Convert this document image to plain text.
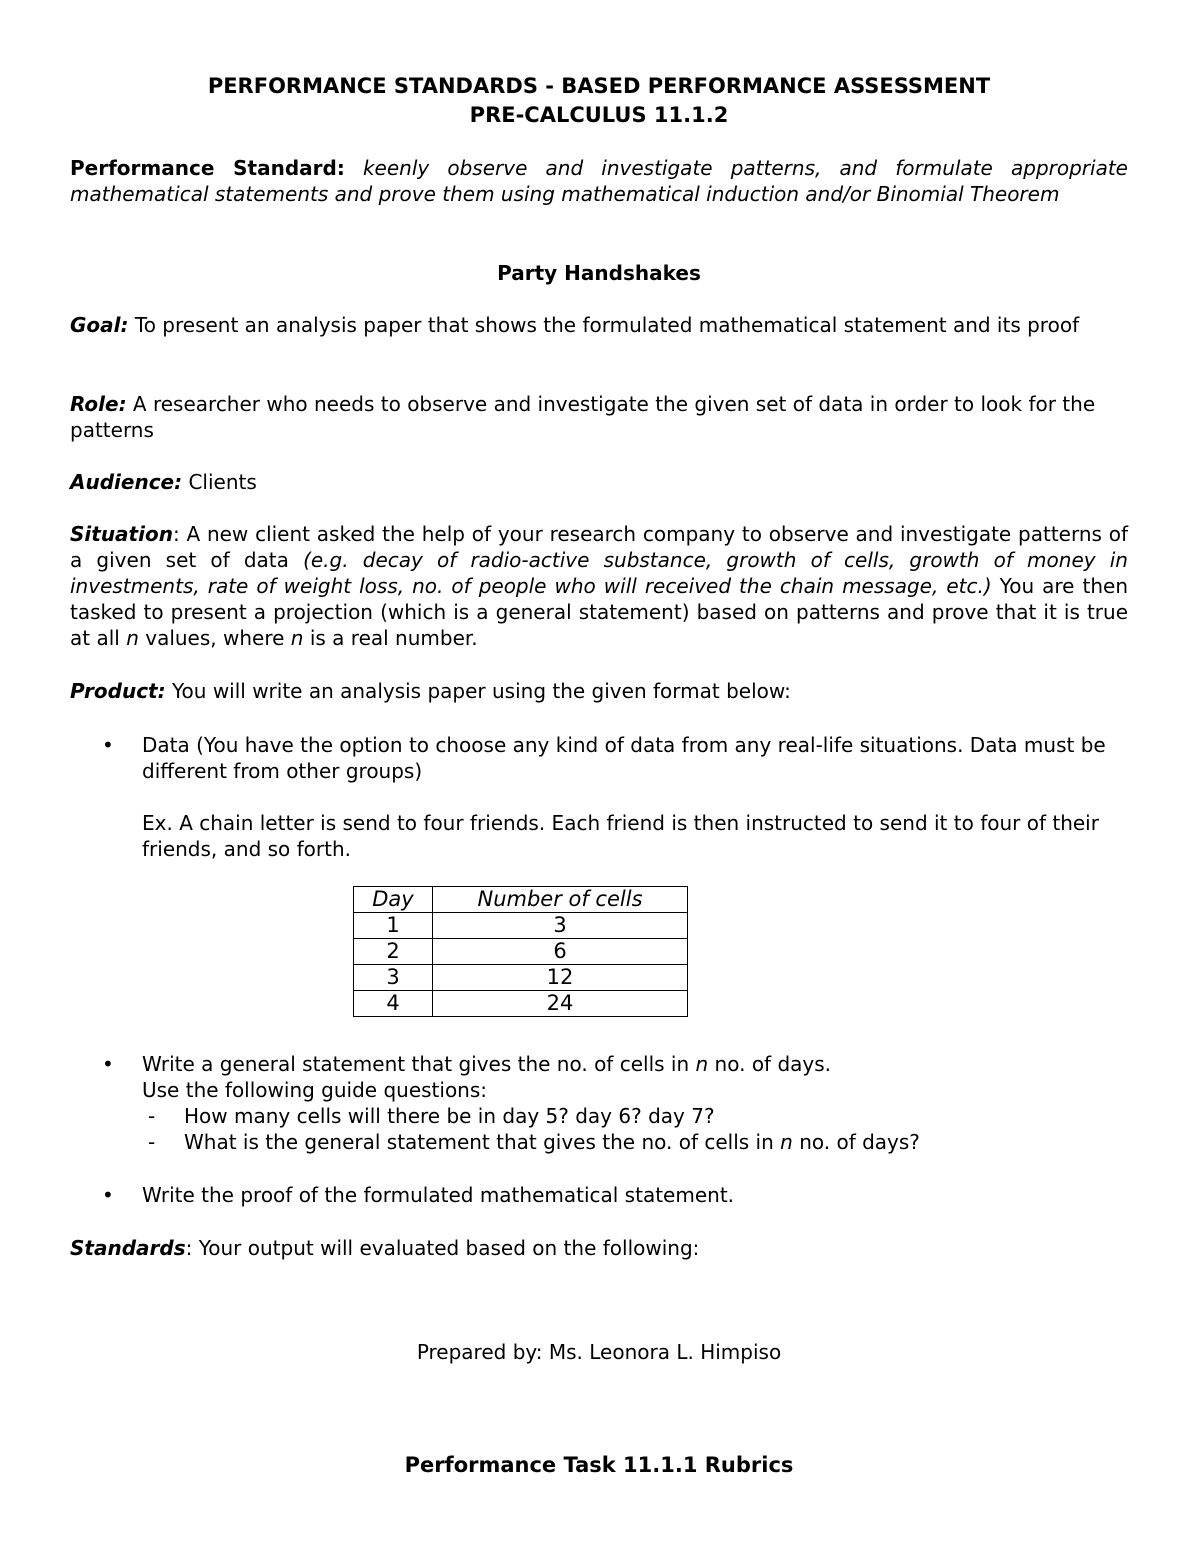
PERFORMANCE STANDARDS - BASED PERFORMANCE ASSESSMENT
PRE-CALCULUS 11.1.2
Performance Standard: keenly observe and investigate patterns, and formulate appropriate mathematical statements and prove them using mathematical induction and/or Binomial Theorem
Party Handshakes
Goal: To present an analysis paper that shows the formulated mathematical statement and its proof
Role: A researcher who needs to observe and investigate the given set of data in order to look for the patterns
Audience: Clients
Situation: A new client asked the help of your research company to observe and investigate patterns of a given set of data (e.g. decay of radio-active substance, growth of cells, growth of money in investments, rate of weight loss, no. of people who will received the chain message, etc.) You are then tasked to present a projection (which is a general statement) based on patterns and prove that it is true at all n values, where n is a real number.
Product: You will write an analysis paper using the given format below:
• Data (You have the option to choose any kind of data from any real-life situations. Data must be different from other groups)
Ex. A chain letter is send to four friends. Each friend is then instructed to send it to four of their friends, and so forth.
Day	Number of cells
1	3
2	6
3	12
4	24
• Write a general statement that gives the no. of cells in n no. of days.
Use the following guide questions:
- How many cells will there be in day 5? day 6? day 7?
- What is the general statement that gives the no. of cells in n no. of days?
• Write the proof of the formulated mathematical statement.
Standards: Your output will evaluated based on the following:
Prepared by: Ms. Leonora L. Himpiso
Performance Task 11.1.1 Rubrics
